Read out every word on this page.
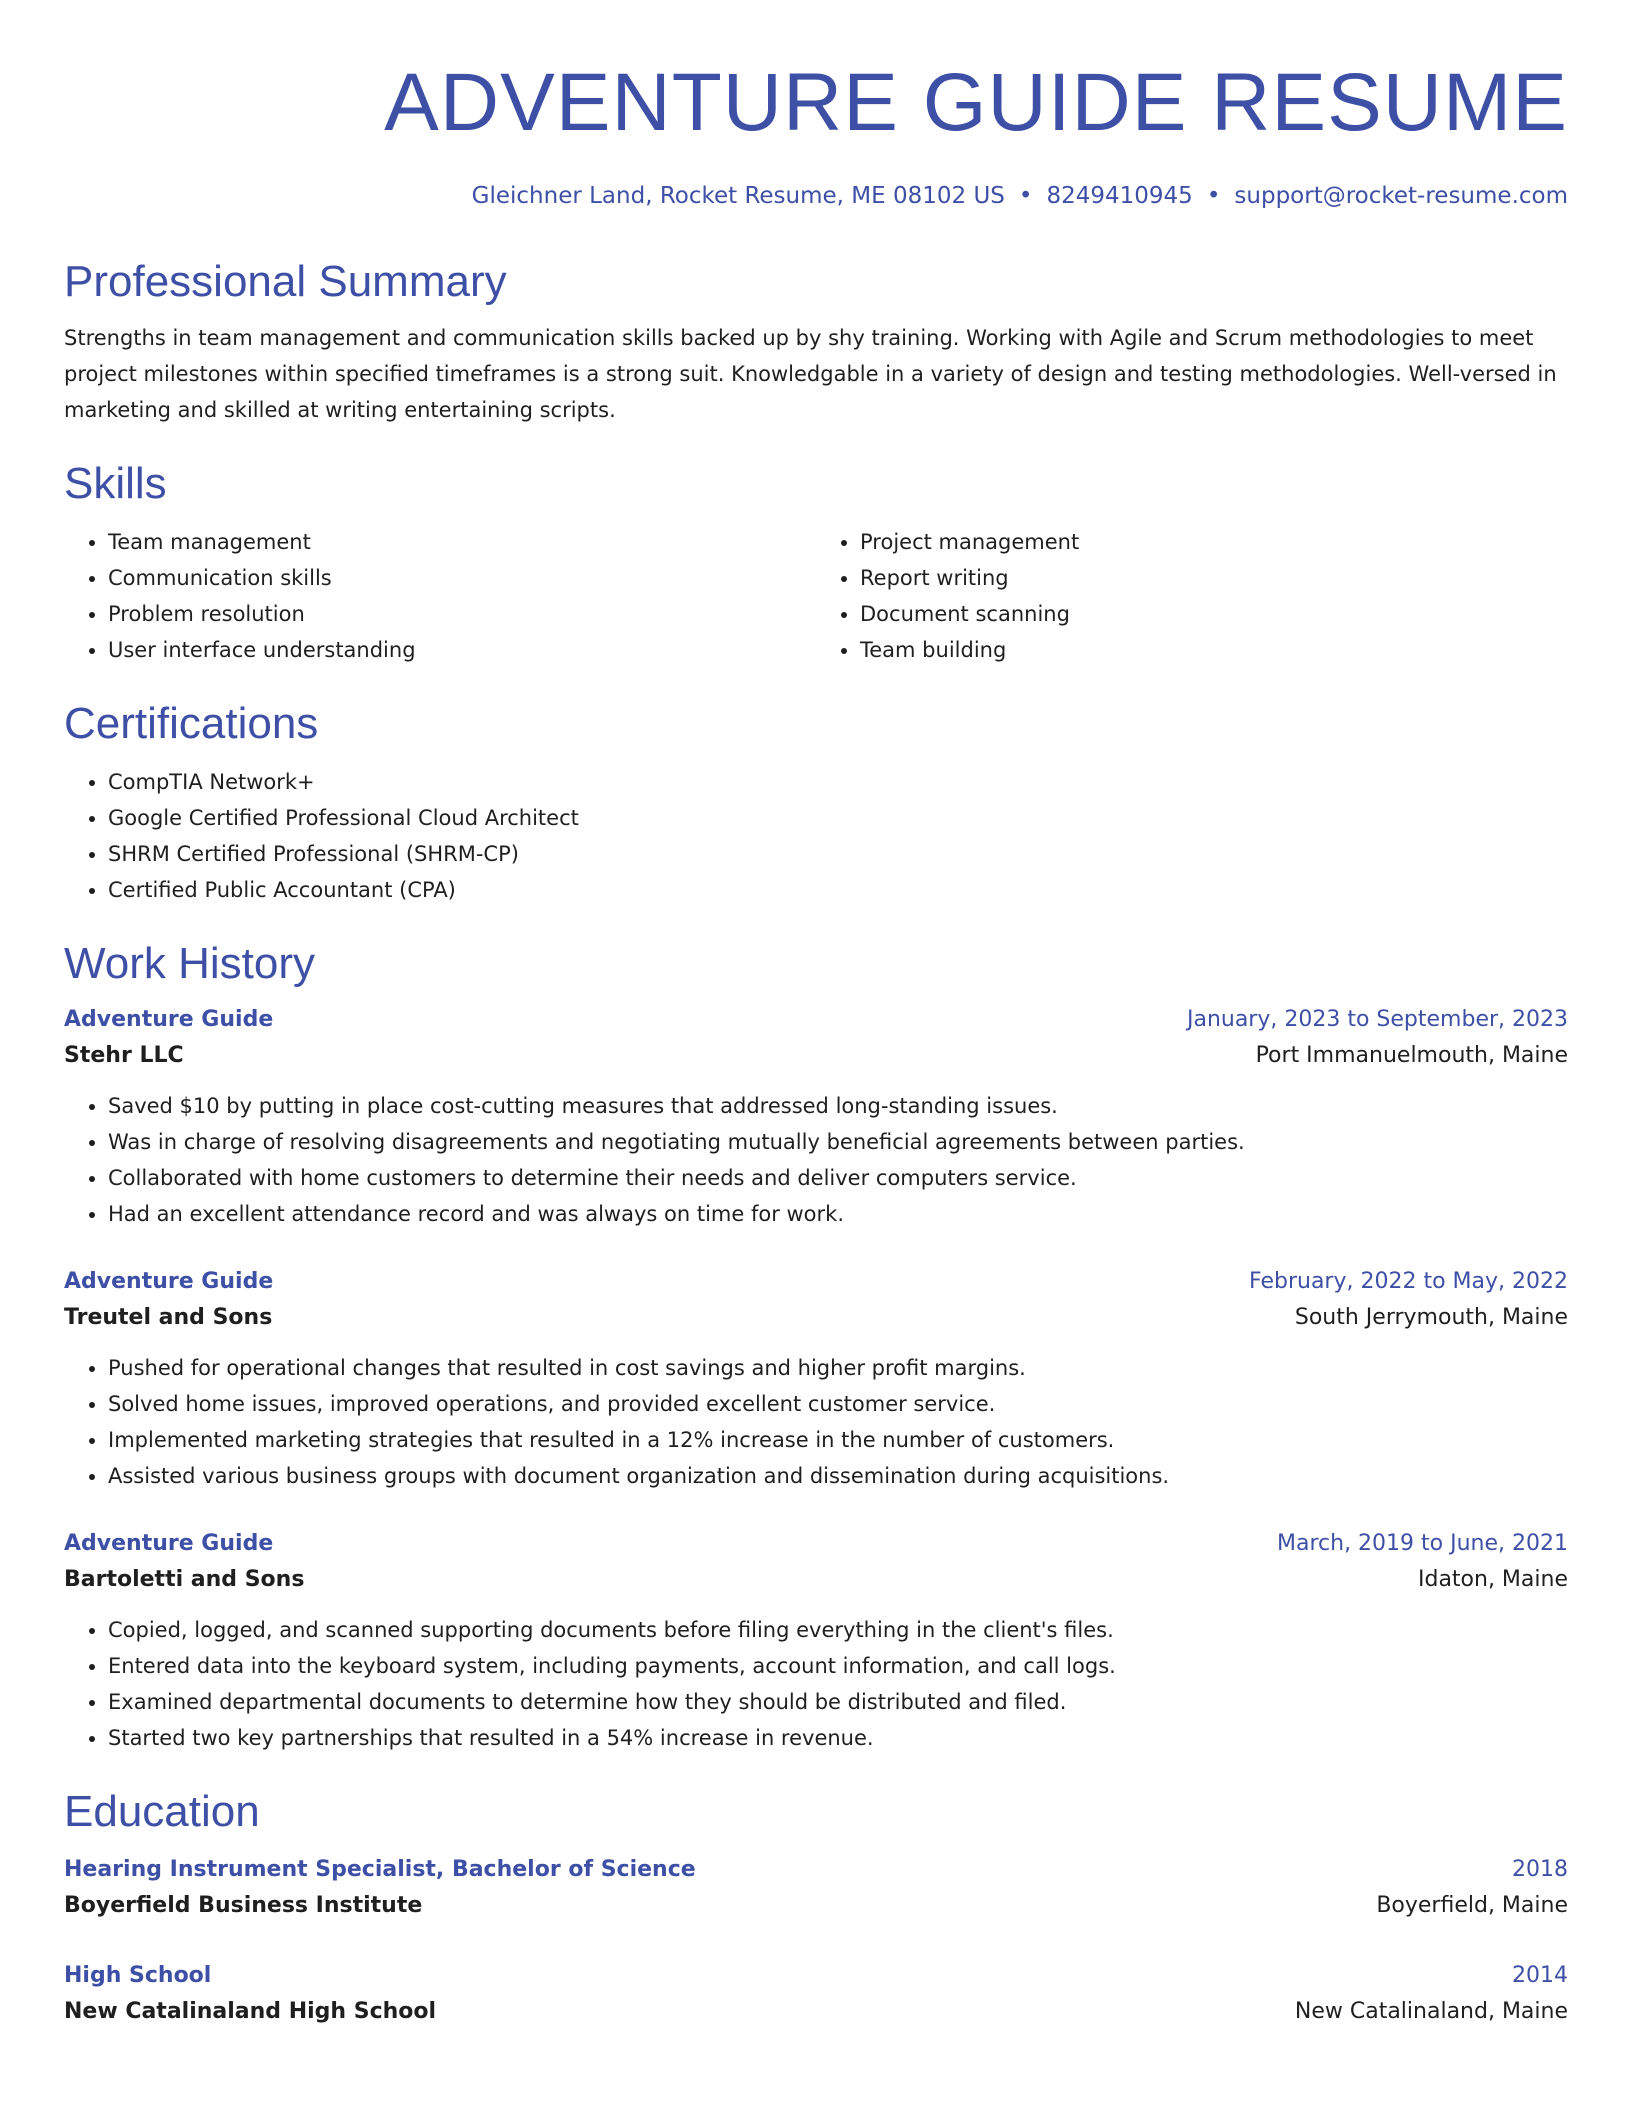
ADVENTURE GUIDE RESUME
Gleichner Land, Rocket Resume, ME 08102 US • 8249410945 • support@rocket-resume.com
Professional Summary

Strengths in team management and communication skills backed up by shy training. Working with Agile and Scrum methodologies to meet project milestones within specified timeframes is a strong suit. Knowledgable in a variety of design and testing methodologies. Well-versed in marketing and skilled at writing entertaining scripts.

Skills
• Team management
• Communication skills
• Problem resolution
• User interface understanding
• Project management
• Report writing
• Document scanning
• Team building
Certifications
• CompTIA Network+
• Google Certified Professional Cloud Architect
• SHRM Certified Professional (SHRM-CP)
• Certified Public Accountant (CPA)
Work History
Adventure Guide	January, 2023 to September, 2023
Stehr LLC	Port Immanuelmouth, Maine
• Saved $10 by putting in place cost-cutting measures that addressed long-standing issues.
• Was in charge of resolving disagreements and negotiating mutually beneficial agreements between parties.
• Collaborated with home customers to determine their needs and deliver computers service.
• Had an excellent attendance record and was always on time for work.
Adventure Guide	February, 2022 to May, 2022
Treutel and Sons	South Jerrymouth, Maine
• Pushed for operational changes that resulted in cost savings and higher profit margins.
• Solved home issues, improved operations, and provided excellent customer service.
• Implemented marketing strategies that resulted in a 12% increase in the number of customers.
• Assisted various business groups with document organization and dissemination during acquisitions.
Adventure Guide	March, 2019 to June, 2021
Bartoletti and Sons	Idaton, Maine
• Copied, logged, and scanned supporting documents before filing everything in the client's files.
• Entered data into the keyboard system, including payments, account information, and call logs.
• Examined departmental documents to determine how they should be distributed and filed.
• Started two key partnerships that resulted in a 54% increase in revenue.
Education
Hearing Instrument Specialist, Bachelor of Science	2018
Boyerfield Business Institute	Boyerfield, Maine
High School	2014
New Catalinaland High School	New Catalinaland, Maine
